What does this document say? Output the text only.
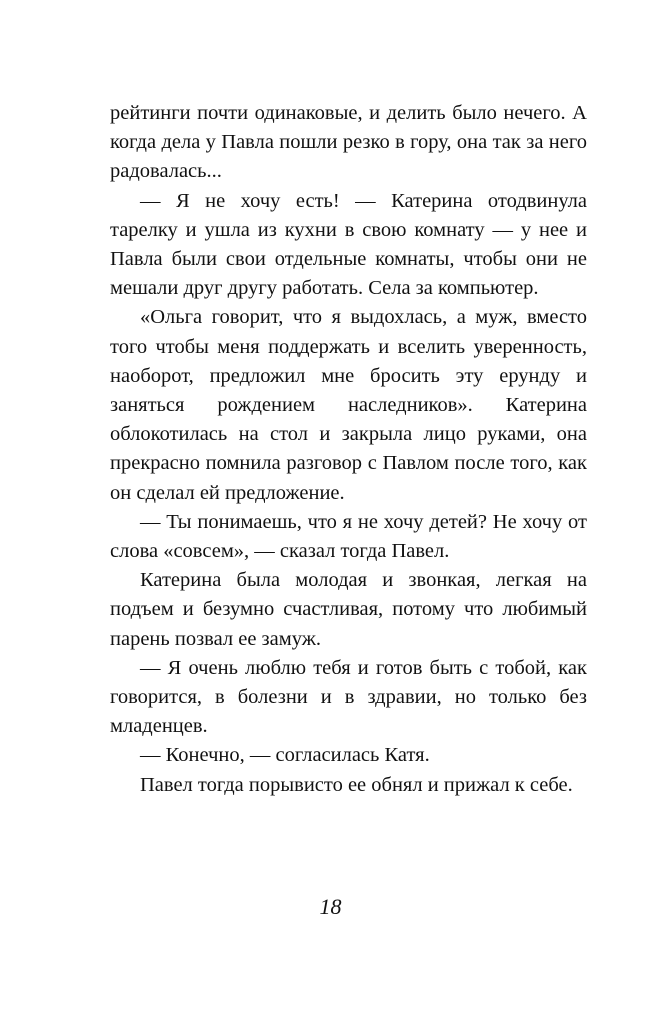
рейтинги почти одинаковые, и делить было нечего. А когда дела у Павла пошли резко в гору, она так за него радовалась...

— Я не хочу есть! — Катерина отодвинула тарелку и ушла из кухни в свою комнату — у нее и Павла были свои отдельные комнаты, чтобы они не мешали друг другу работать. Села за компьютер.

«Ольга говорит, что я выдохлась, а муж, вместо того чтобы меня поддержать и вселить уверенность, наоборот, предложил мне бросить эту ерунду и заняться рождением наследников». Катерина облокотилась на стол и закрыла лицо руками, она прекрасно помнила разговор с Павлом после того, как он сделал ей предложение.

— Ты понимаешь, что я не хочу детей? Не хочу от слова «совсем», — сказал тогда Павел.

Катерина была молодая и звонкая, легкая на подъем и безумно счастливая, потому что любимый парень позвал ее замуж.

— Я очень люблю тебя и готов быть с тобой, как говорится, в болезни и в здравии, но только без младенцев.

— Конечно, — согласилась Катя.

Павел тогда порывисто ее обнял и прижал к себе.

18
